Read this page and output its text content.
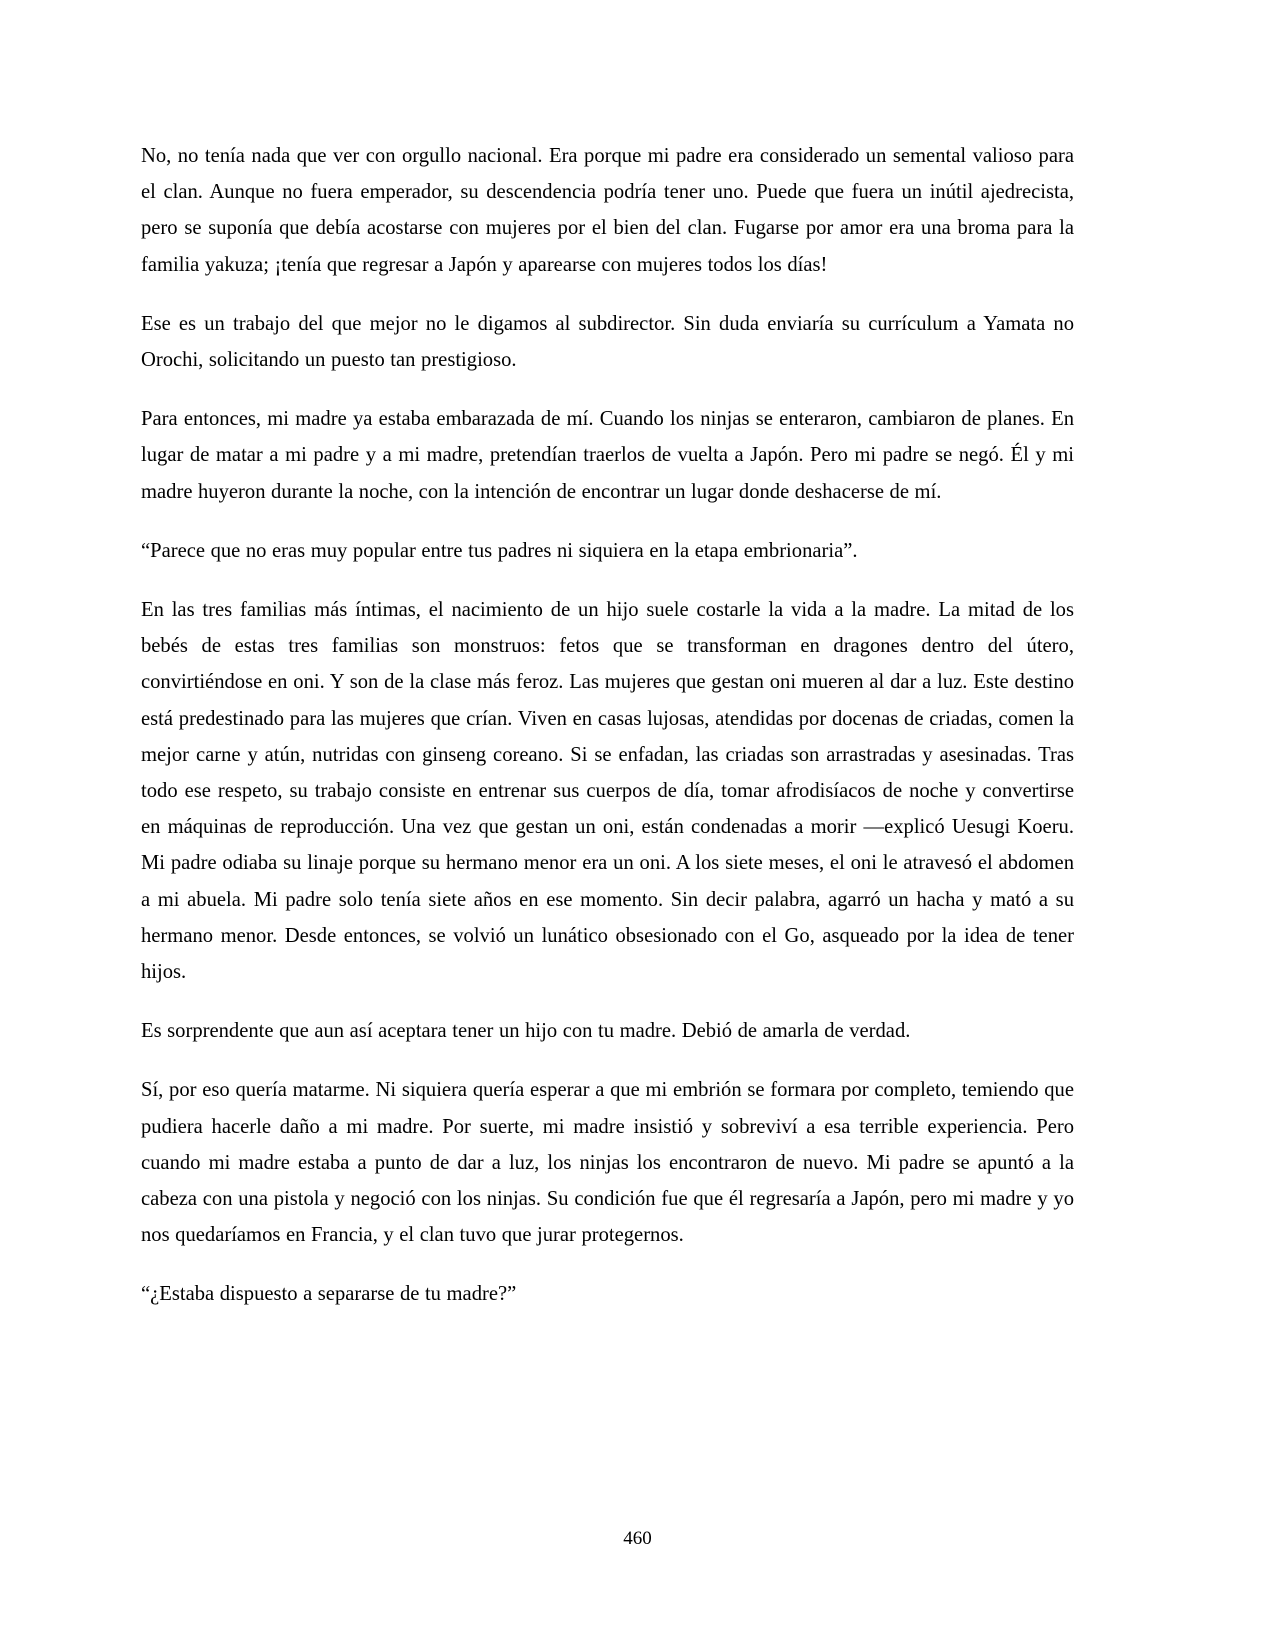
No, no tenía nada que ver con orgullo nacional. Era porque mi padre era considerado un semental valioso para el clan. Aunque no fuera emperador, su descendencia podría tener uno. Puede que fuera un inútil ajedrecista, pero se suponía que debía acostarse con mujeres por el bien del clan. Fugarse por amor era una broma para la familia yakuza; ¡tenía que regresar a Japón y aparearse con mujeres todos los días!

Ese es un trabajo del que mejor no le digamos al subdirector. Sin duda enviaría su currículum a Yamata no Orochi, solicitando un puesto tan prestigioso.

Para entonces, mi madre ya estaba embarazada de mí. Cuando los ninjas se enteraron, cambiaron de planes. En lugar de matar a mi padre y a mi madre, pretendían traerlos de vuelta a Japón. Pero mi padre se negó. Él y mi madre huyeron durante la noche, con la intención de encontrar un lugar donde deshacerse de mí.

“Parece que no eras muy popular entre tus padres ni siquiera en la etapa embrionaria”.

En las tres familias más íntimas, el nacimiento de un hijo suele costarle la vida a la madre. La mitad de los bebés de estas tres familias son monstruos: fetos que se transforman en dragones dentro del útero, convirtiéndose en oni. Y son de la clase más feroz. Las mujeres que gestan oni mueren al dar a luz. Este destino está predestinado para las mujeres que crían. Viven en casas lujosas, atendidas por docenas de criadas, comen la mejor carne y atún, nutridas con ginseng coreano. Si se enfadan, las criadas son arrastradas y asesinadas. Tras todo ese respeto, su trabajo consiste en entrenar sus cuerpos de día, tomar afrodisíacos de noche y convertirse en máquinas de reproducción. Una vez que gestan un oni, están condenadas a morir —explicó Uesugi Koeru. Mi padre odiaba su linaje porque su hermano menor era un oni. A los siete meses, el oni le atravesó el abdomen a mi abuela. Mi padre solo tenía siete años en ese momento. Sin decir palabra, agarró un hacha y mató a su hermano menor. Desde entonces, se volvió un lunático obsesionado con el Go, asqueado por la idea de tener hijos.

Es sorprendente que aun así aceptara tener un hijo con tu madre. Debió de amarla de verdad.

Sí, por eso quería matarme. Ni siquiera quería esperar a que mi embrión se formara por completo, temiendo que pudiera hacerle daño a mi madre. Por suerte, mi madre insistió y sobreviví a esa terrible experiencia. Pero cuando mi madre estaba a punto de dar a luz, los ninjas los encontraron de nuevo. Mi padre se apuntó a la cabeza con una pistola y negoció con los ninjas. Su condición fue que él regresaría a Japón, pero mi madre y yo nos quedaríamos en Francia, y el clan tuvo que jurar protegernos.

“¿Estaba dispuesto a separarse de tu madre?”

460
